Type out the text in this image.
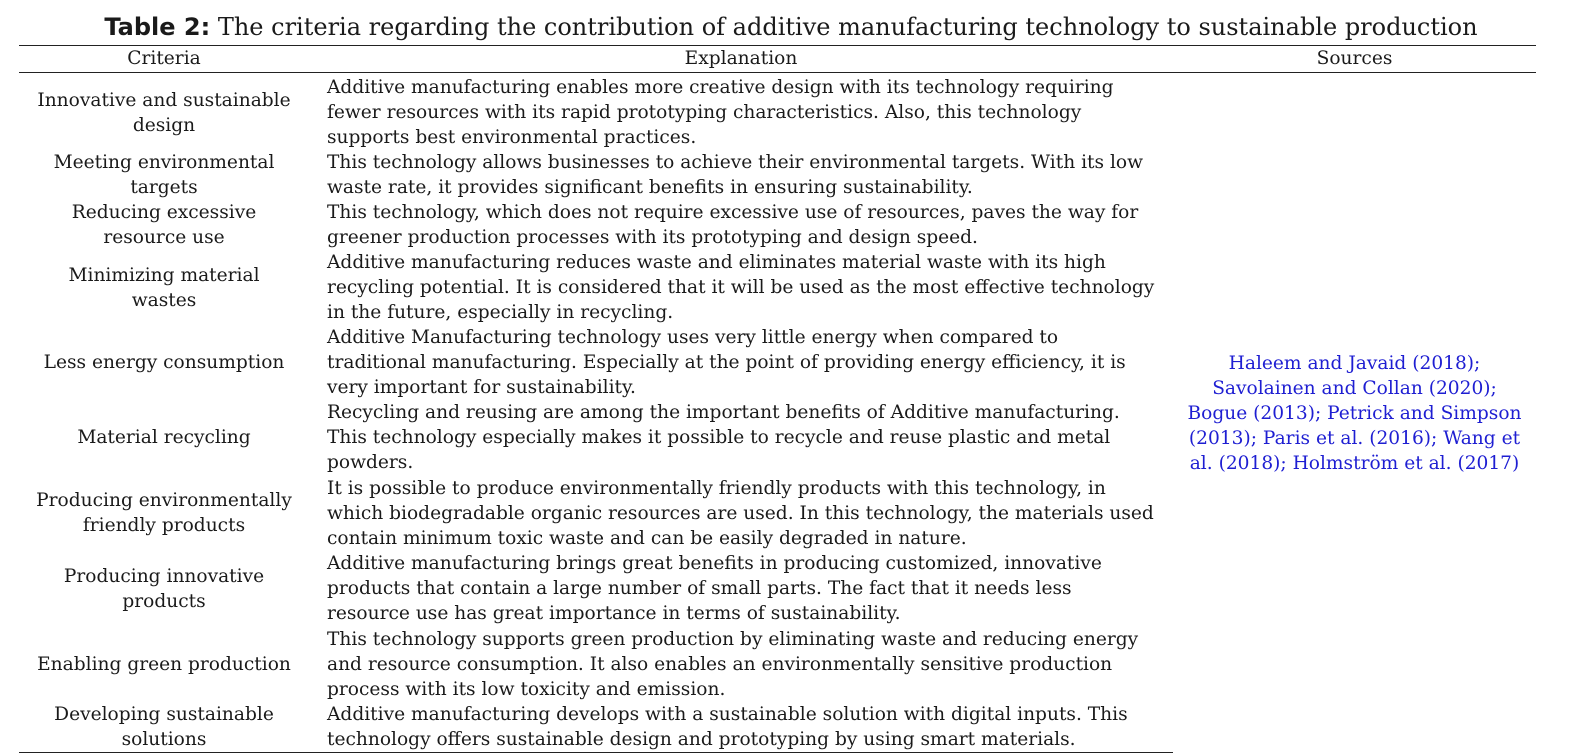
Table 2: The criteria regarding the contribution of additive manufacturing technology to sustainable production
Criteria	Explanation	Sources
Innovative and sustainable design	Additive manufacturing enables more creative design with its technology requiring fewer resources with its rapid prototyping characteristics. Also, this technology supports best environmental practices.	Haleem and Javaid (2018); Savolainen and Collan (2020); Bogue (2013); Petrick and Simpson (2013); Paris et al. (2016); Wang et al. (2018); Holmström et al. (2017)
Meeting environmental targets	This technology allows businesses to achieve their environmental targets. With its low waste rate, it provides significant benefits in ensuring sustainability.	
Reducing excessive resource use	This technology, which does not require excessive use of resources, paves the way for greener production processes with its prototyping and design speed.	
Minimizing material wastes	Additive manufacturing reduces waste and eliminates material waste with its high recycling potential. It is considered that it will be used as the most effective technology in the future, especially in recycling.	
Less energy consumption	Additive Manufacturing technology uses very little energy when compared to traditional manufacturing. Especially at the point of providing energy efficiency, it is very important for sustainability.	
Material recycling	Recycling and reusing are among the important benefits of Additive manufacturing. This technology especially makes it possible to recycle and reuse plastic and metal powders.	
Producing environmentally friendly products	It is possible to produce environmentally friendly products with this technology, in which biodegradable organic resources are used. In this technology, the materials used contain minimum toxic waste and can be easily degraded in nature.	
Producing innovative products	Additive manufacturing brings great benefits in producing customized, innovative products that contain a large number of small parts. The fact that it needs less resource use has great importance in terms of sustainability.	
Enabling green production	This technology supports green production by eliminating waste and reducing energy and resource consumption. It also enables an environmentally sensitive production process with its low toxicity and emission.	
Developing sustainable solutions	Additive manufacturing develops with a sustainable solution with digital inputs. This technology offers sustainable design and prototyping by using smart materials.	
